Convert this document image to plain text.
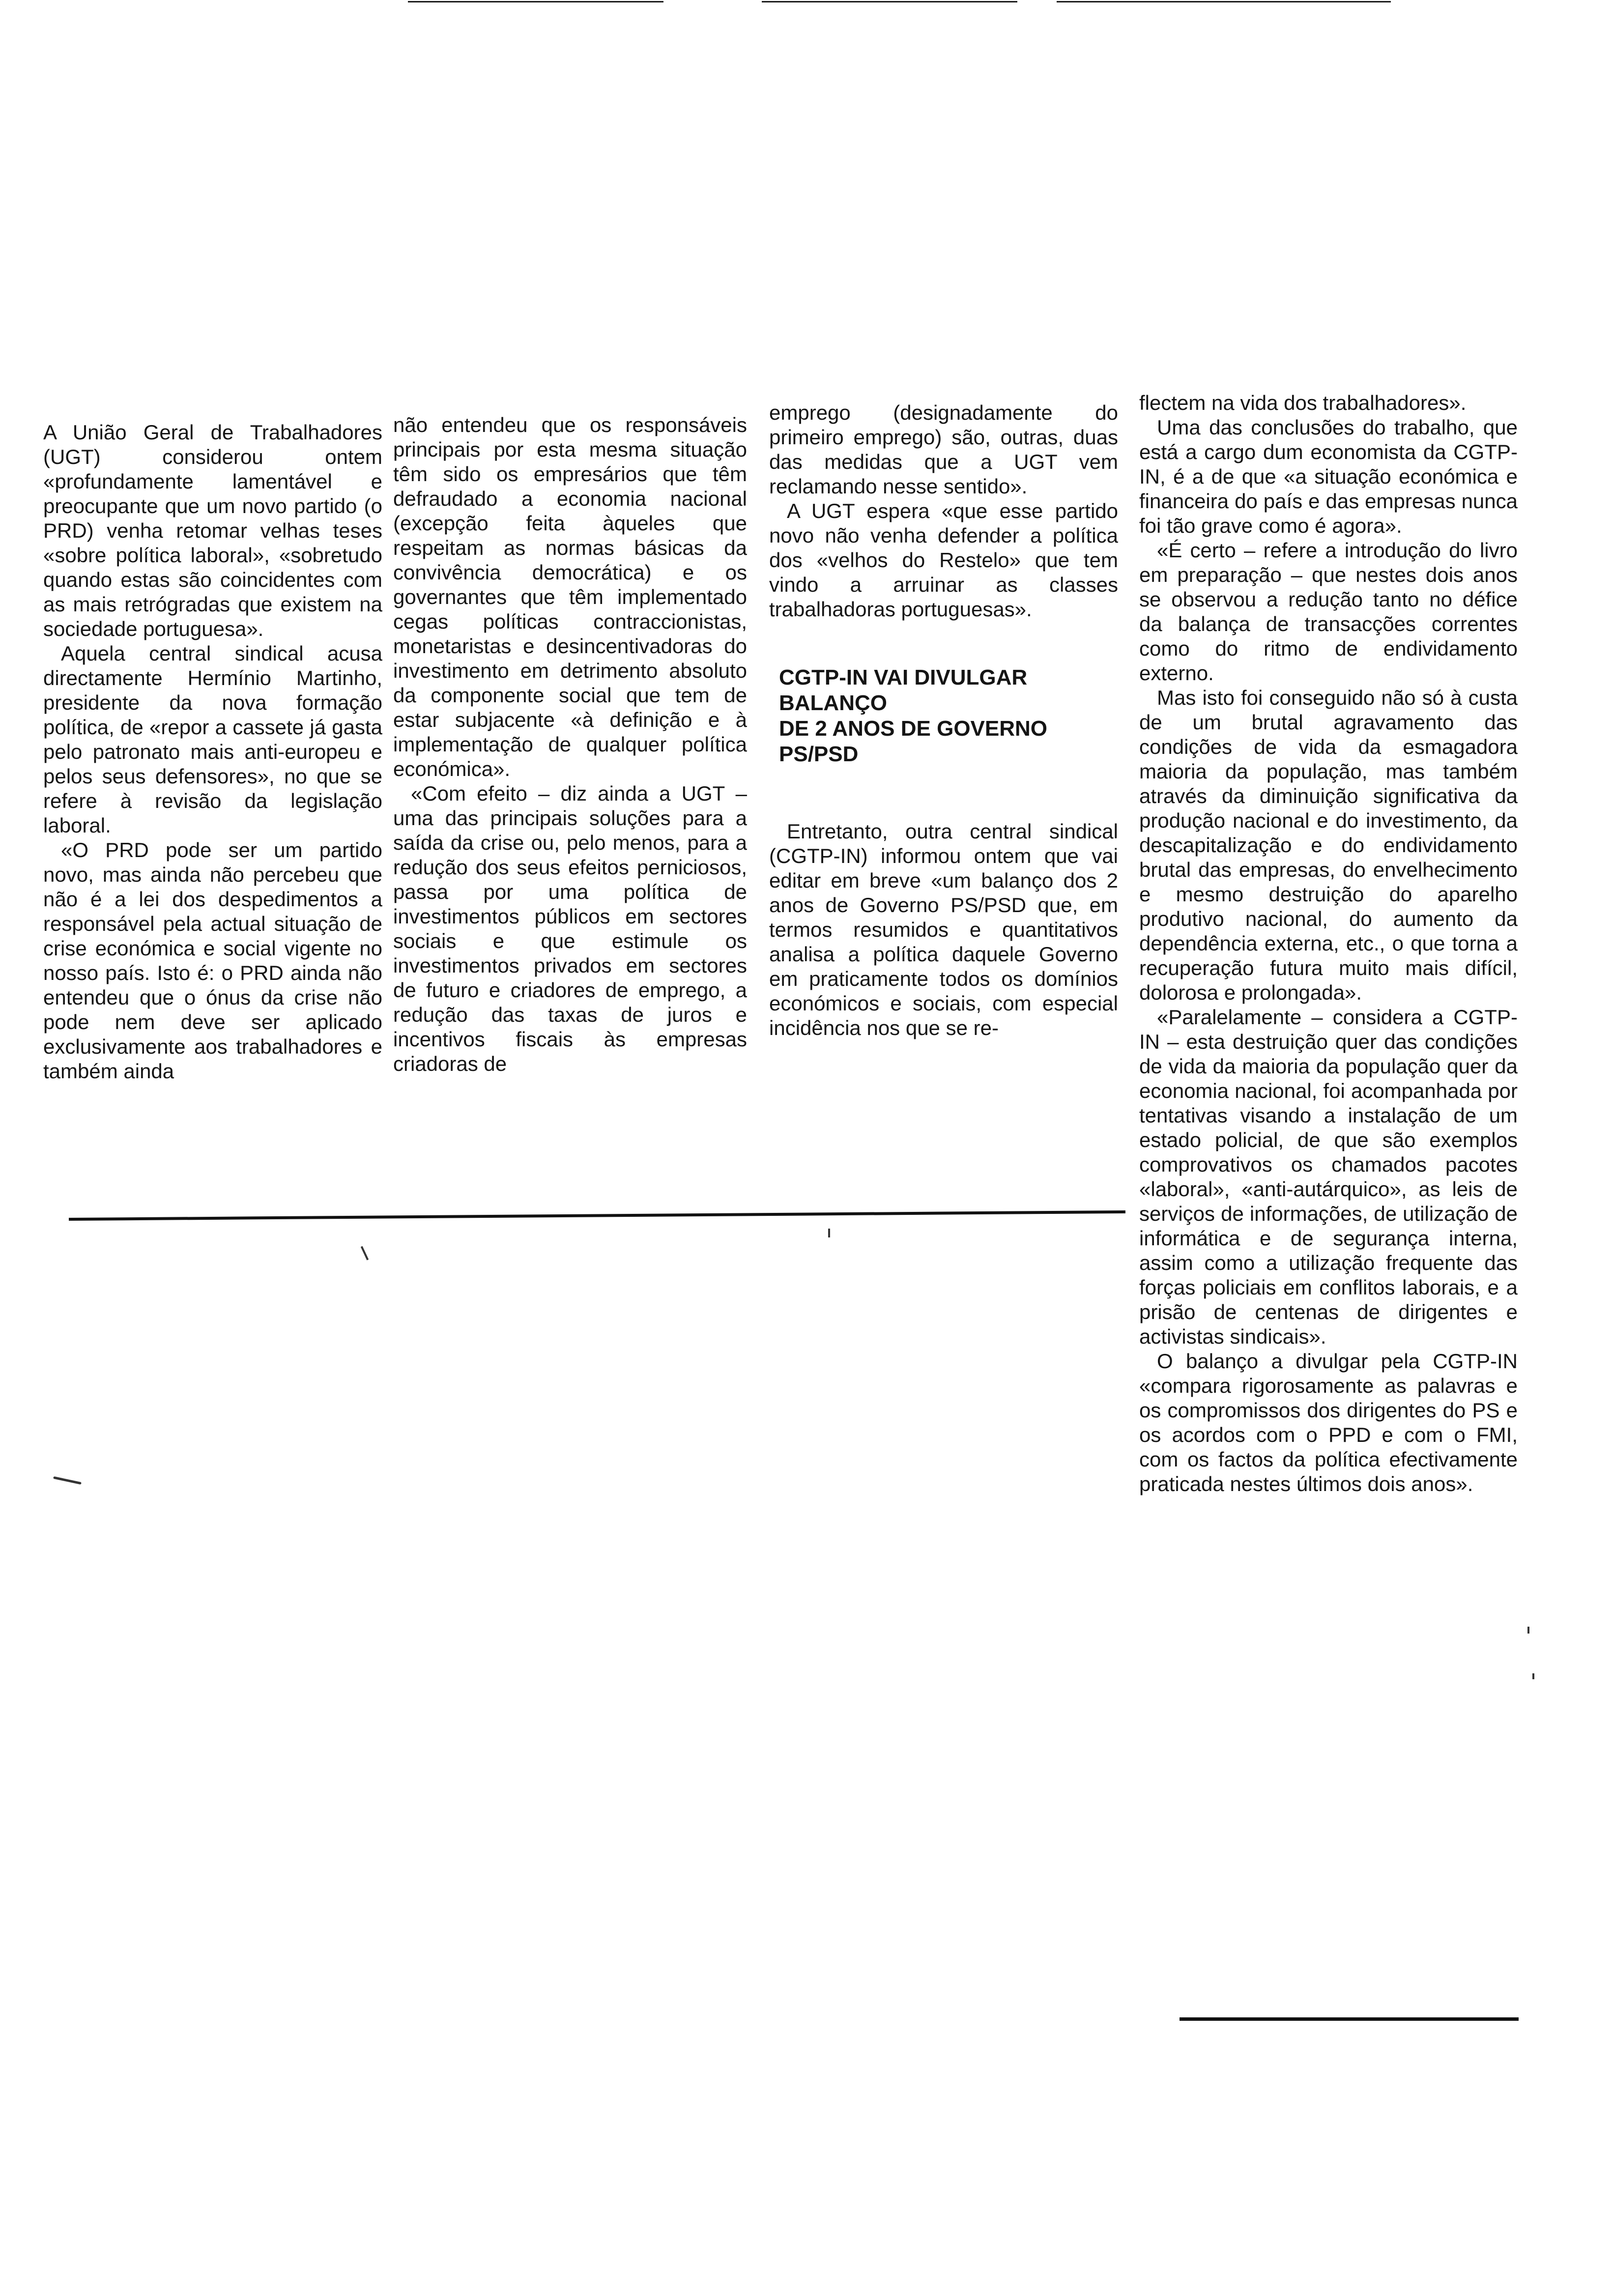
A União Geral de Trabalhadores (UGT) considerou ontem «profundamente lamentável e preocupante que um novo partido (o PRD) venha retomar velhas teses «sobre política laboral», «sobretudo quando estas são coincidentes com as mais retrógradas que existem na sociedade portuguesa».

Aquela central sindical acusa directamente Hermínio Martinho, presidente da nova formação política, de «repor a cassete já gasta pelo patronato mais anti-europeu e pelos seus defensores», no que se refere à revisão da legislação laboral.

«O PRD pode ser um partido novo, mas ainda não percebeu que não é a lei dos despedimentos a responsável pela actual situação de crise económica e social vigente no nosso país. Isto é: o PRD ainda não entendeu que o ónus da crise não pode nem deve ser aplicado exclusivamente aos trabalhadores e também ainda

não entendeu que os responsáveis principais por esta mesma situação têm sido os empresários que têm defraudado a economia nacional (excepção feita àqueles que respeitam as normas básicas da convivência democrática) e os governantes que têm implementado cegas políticas contraccionistas, monetaristas e desincentivadoras do investimento em detrimento absoluto da componente social que tem de estar subjacente «à definição e à implementação de qualquer política económica».

«Com efeito – diz ainda a UGT – uma das principais soluções para a saída da crise ou, pelo menos, para a redução dos seus efeitos perniciosos, passa por uma política de investimentos públicos em sectores sociais e que estimule os investimentos privados em sectores de futuro e criadores de emprego, a redução das taxas de juros e incentivos fiscais às empresas criadoras de

emprego (designadamente do primeiro emprego) são, outras, duas das medidas que a UGT vem reclamando nesse sentido».

A UGT espera «que esse partido novo não venha defender a política dos «velhos do Restelo» que tem vindo a arruinar as classes trabalhadoras portuguesas».

CGTP-IN VAI DIVULGAR
BALANÇO
DE 2 ANOS DE GOVERNO
PS/PSD

Entretanto, outra central sindical (CGTP-IN) informou ontem que vai editar em breve «um balanço dos 2 anos de Governo PS/PSD que, em termos resumidos e quantitativos analisa a política daquele Governo em praticamente todos os domínios económicos e sociais, com especial incidência nos que se re-

flectem na vida dos trabalhadores».

Uma das conclusões do trabalho, que está a cargo dum economista da CGTP-IN, é a de que «a situação económica e financeira do país e das empresas nunca foi tão grave como é agora».

«É certo – refere a introdução do livro em preparação – que nestes dois anos se observou a redução tanto no défice da balança de transacções correntes como do ritmo de endividamento externo.

Mas isto foi conseguido não só à custa de um brutal agravamento das condições de vida da esmagadora maioria da população, mas também através da diminuição significativa da produção nacional e do investimento, da descapitalização e do endividamento brutal das empresas, do envelhecimento e mesmo destruição do aparelho produtivo nacional, do aumento da dependência externa, etc., o que torna a recuperação futura muito mais difícil, dolorosa e prolongada».

«Paralelamente – considera a CGTP-IN – esta destruição quer das condições de vida da maioria da população quer da economia nacional, foi acompanhada por tentativas visando a instalação de um estado policial, de que são exemplos comprovativos os chamados pacotes «laboral», «anti-autárquico», as leis de serviços de informações, de utilização de informática e de segurança interna, assim como a utilização frequente das forças policiais em conflitos laborais, e a prisão de centenas de dirigentes e activistas sindicais».

O balanço a divulgar pela CGTP-IN «compara rigorosamente as palavras e os compromissos dos dirigentes do PS e os acordos com o PPD e com o FMI, com os factos da política efectivamente praticada nestes últimos dois anos».
